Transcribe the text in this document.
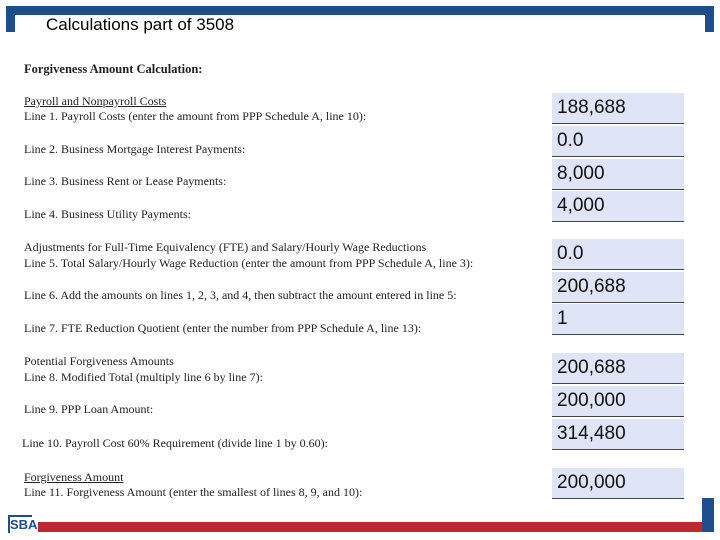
Calculations part of 3508
Forgiveness Amount Calculation:
Payroll and Nonpayroll Costs
Line 1. Payroll Costs (enter the amount from PPP Schedule A, line 10):	188,688
Line 2. Business Mortgage Interest Payments:	0.0
Line 3. Business Rent or Lease Payments:	8,000
Line 4. Business Utility Payments:	4,000
Adjustments for Full-Time Equivalency (FTE) and Salary/Hourly Wage Reductions
Line 5. Total Salary/Hourly Wage Reduction (enter the amount from PPP Schedule A, line 3):	0.0
Line 6. Add the amounts on lines 1, 2, 3, and 4, then subtract the amount entered in line 5:	200,688
Line 7. FTE Reduction Quotient (enter the number from PPP Schedule A, line 13):	1
Potential Forgiveness Amounts
Line 8. Modified Total (multiply line 6 by line 7):	200,688
Line 9. PPP Loan Amount:	200,000
Line 10. Payroll Cost 60% Requirement (divide line 1 by 0.60):	314,480
Forgiveness Amount
Line 11. Forgiveness Amount (enter the smallest of lines 8, 9, and 10):	200,000
SBA
